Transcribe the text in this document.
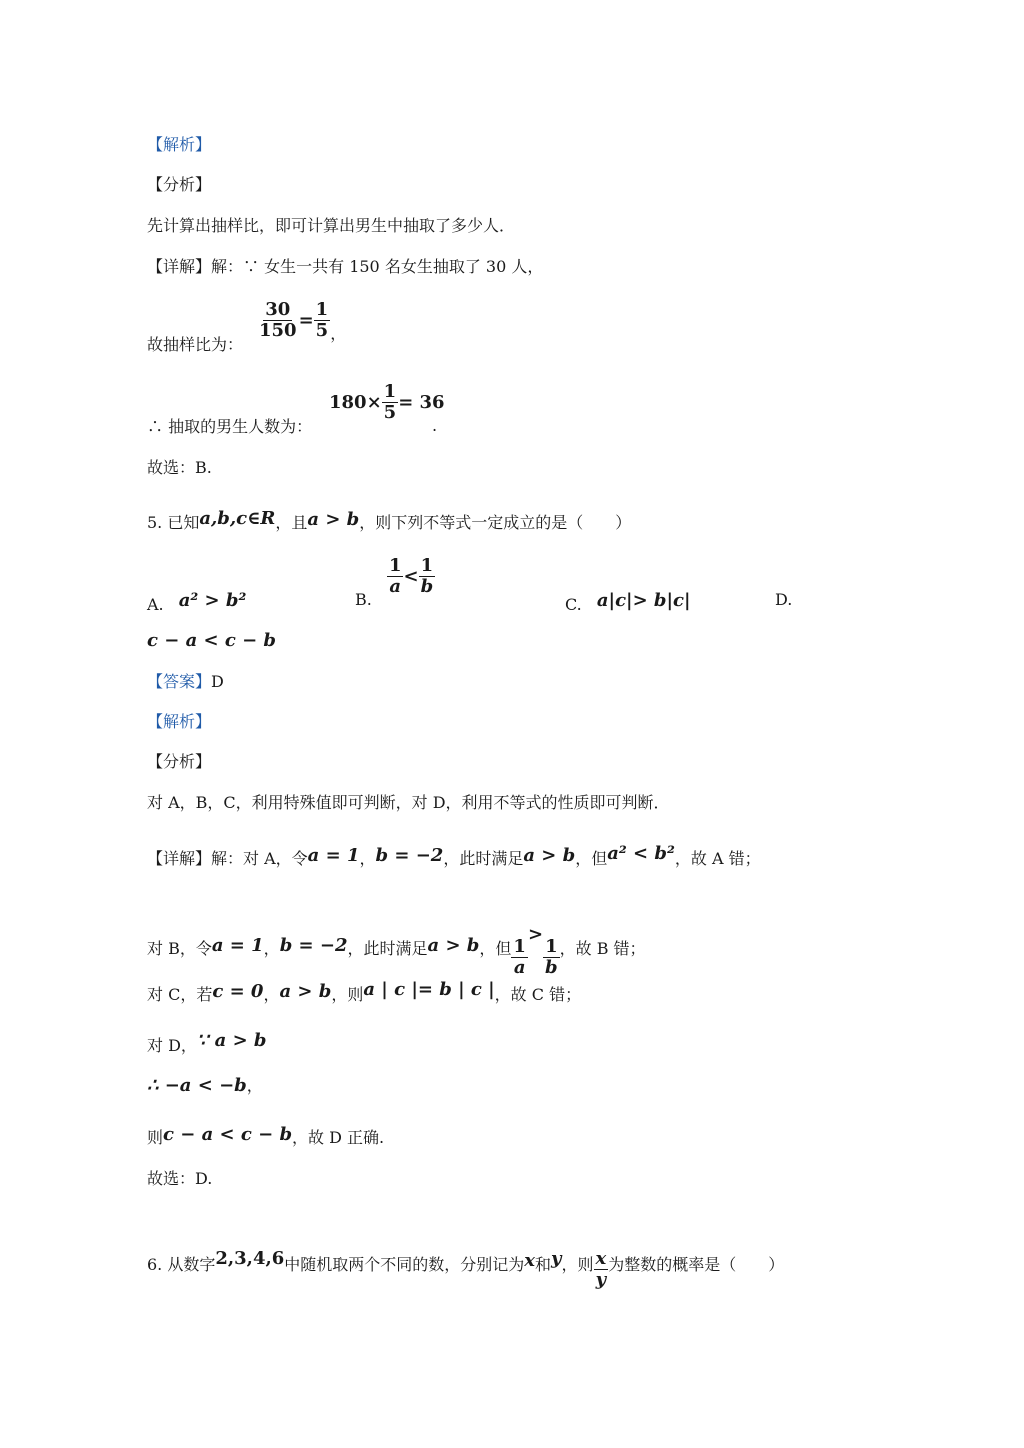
【解析】
【分析】
先计算出抽样比，即可计算出男生中抽取了多少人．
【详解】解：∵ 女生一共有 150 名女生抽取了 30 人，
故抽样比为：
$\frac{30}{150} = \frac{1}{5}$ ，
∴ 抽取的男生人数为：
$180\times \frac{1}{5} = 36$
.
故选：B.
5. 已知a,b,c∈R，且a > b，则下列不等式一定成立的是（　　）
A. a² > b²	B.
$\frac{1}{a} < \frac{1}{b}$
C. a|c|> b|c|	D.
c − a < c − b
【答案】D
【解析】
【分析】
对 A，B，C，利用特殊值即可判断，对 D，利用不等式的性质即可判断．
【详解】解：对 A，令a = 1，b = −2，此时满足a > b，但a² < b²，故 A 错；
对 B，令a = 1，b = −2，此时满足a > b，但 $\frac{1}{a}$
>
$\frac{1}{b}$ ，故 B 错；
对 C，若c = 0，a > b，则a | c |= b | c |，故 C 错；
对 D，∵ a > b
∴ −a < −b，
则c − a < c − b，故 D 正确.
故选：D.
6. 从数字2,3,4,6中随机取两个不同的数，分别记为x和y，则 $\frac{x}{y}$ 为整数的概率是（　　）
